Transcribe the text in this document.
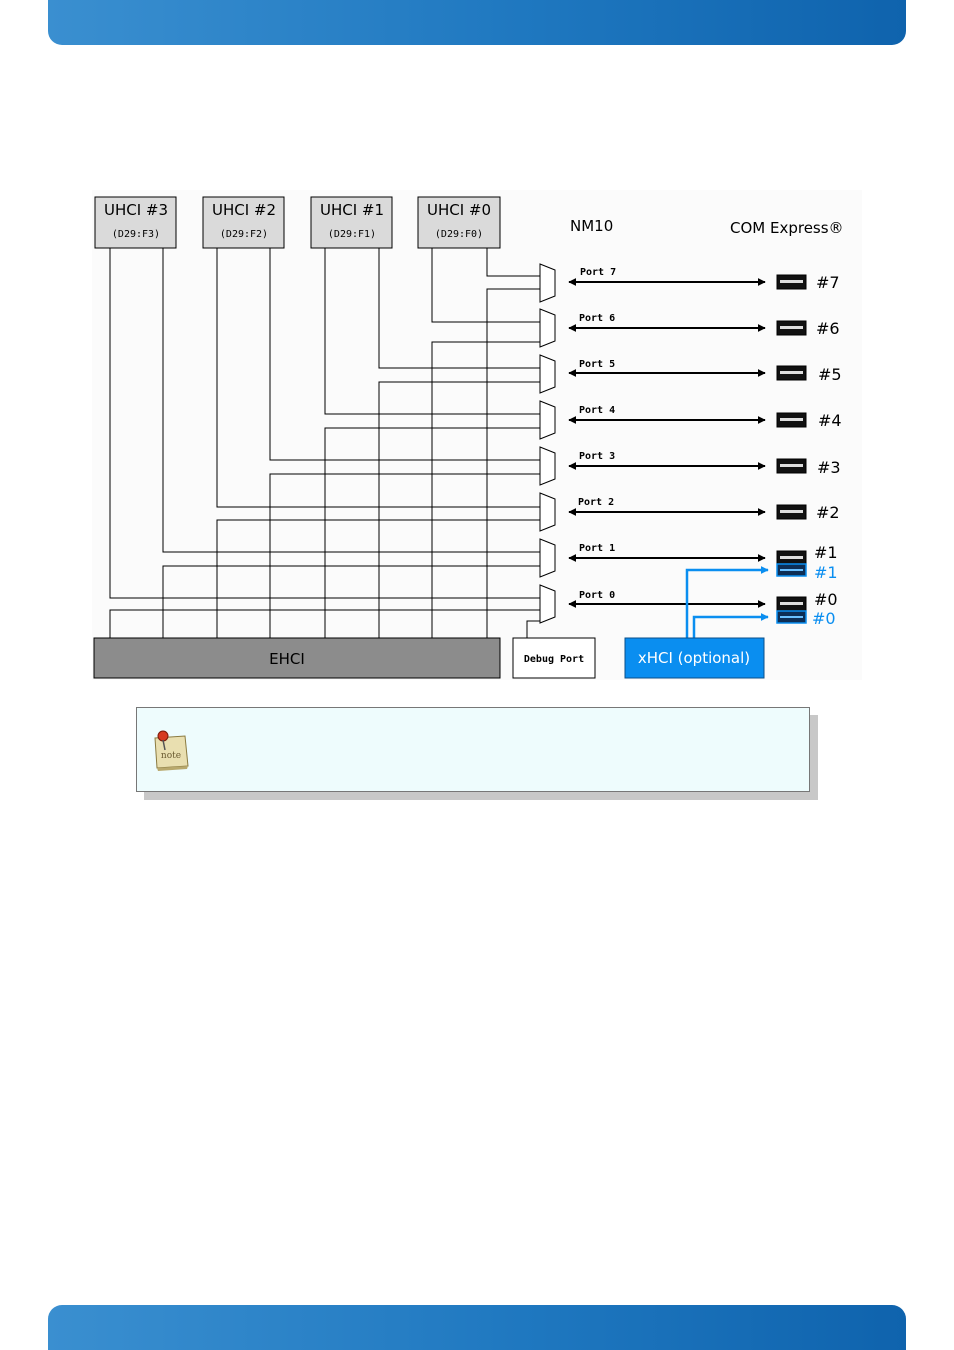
UHCI #3
(D29:F3)
UHCI #2
(D29:F2)
UHCI #1
(D29:F1)
UHCI #0
(D29:F0)	NM10	COM Express®
Port 7
Port 6
Port 5
Port 4
Port 3
Port 2
Port 1
Port 0
#7
#6
#5
#4
#3
#2
#1
#0
#1
#0
EHCI	Debug Port	xHCI (optional)
note
